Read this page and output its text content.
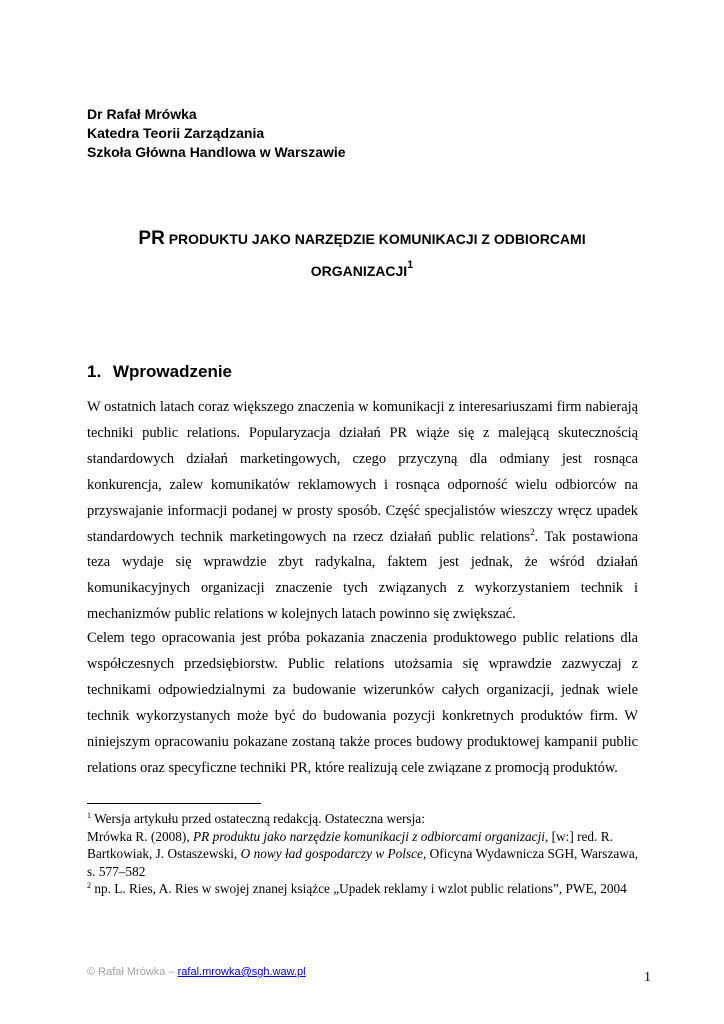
Dr Rafał Mrówka
Katedra Teorii Zarządzania
Szkoła Główna Handlowa w Warszawie
PR PRODUKTU JAKO NARZĘDZIE KOMUNIKACJI Z ODBIORCAMI
ORGANIZACJI$^1$
1. Wprowadzenie
W ostatnich latach coraz większego znaczenia w komunikacji z interesariuszami firm nabierają techniki public relations. Popularyzacja działań PR wiąże się z malejącą skutecznością standardowych działań marketingowych, czego przyczyną dla odmiany jest rosnąca konkurencja, zalew komunikatów reklamowych i rosnąca odporność wielu odbiorców na przyswajanie informacji podanej w prosty sposób. Część specjalistów wieszczy wręcz upadek standardowych technik marketingowych na rzecz działań public relations$^2$. Tak postawiona teza wydaje się wprawdzie zbyt radykalna, faktem jest jednak, że wśród działań komunikacyjnych organizacji znaczenie tych związanych z wykorzystaniem technik i mechanizmów public relations w kolejnych latach powinno się zwiększać.
Celem tego opracowania jest próba pokazania znaczenia produktowego public relations dla współczesnych przedsiębiorstw. Public relations utożsamia się wprawdzie zazwyczaj z technikami odpowiedzialnymi za budowanie wizerunków całych organizacji, jednak wiele technik wykorzystanych może być do budowania pozycji konkretnych produktów firm. W niniejszym opracowaniu pokazane zostaną także proces budowy produktowej kampanii public relations oraz specyficzne techniki PR, które realizują cele związane z promocją produktów.

$^1$ Wersja artykułu przed ostateczną redakcją. Ostateczna wersja:
Mrówka R. (2008), PR produktu jako narzędzie komunikacji z odbiorcami organizacji, [w:] red. R. Bartkowiak, J. Ostaszewski, O nowy ład gospodarczy w Polsce, Oficyna Wydawnicza SGH, Warszawa, s. 577–582

$^2$ np. L. Ries, A. Ries w swojej znanej książce „Upadek reklamy i wzlot public relations”, PWE, 2004

© Rafał Mrówka – rafal.mrowka@sgh.waw.pl	1
